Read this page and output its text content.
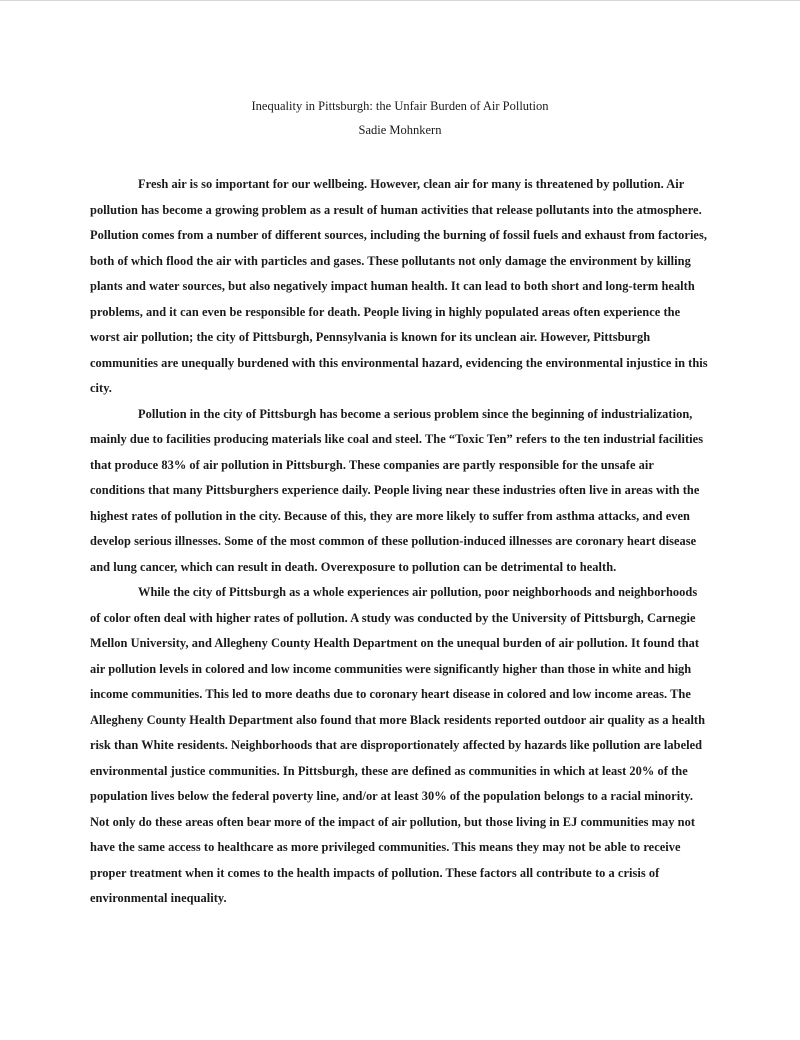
Inequality in Pittsburgh: the Unfair Burden of Air Pollution
Sadie Mohnkern

Fresh air is so important for our wellbeing. However, clean air for many is threatened by pollution. Air pollution has become a growing problem as a result of human activities that release pollutants into the atmosphere. Pollution comes from a number of different sources, including the burning of fossil fuels and exhaust from factories, both of which flood the air with particles and gases. These pollutants not only damage the environment by killing plants and water sources, but also negatively impact human health. It can lead to both short and long-term health problems, and it can even be responsible for death. People living in highly populated areas often experience the worst air pollution; the city of Pittsburgh, Pennsylvania is known for its unclean air. However, Pittsburgh communities are unequally burdened with this environmental hazard, evidencing the environmental injustice in this city.

Pollution in the city of Pittsburgh has become a serious problem since the beginning of industrialization, mainly due to facilities producing materials like coal and steel. The “Toxic Ten” refers to the ten industrial facilities that produce 83% of air pollution in Pittsburgh. These companies are partly responsible for the unsafe air conditions that many Pittsburghers experience daily. People living near these industries often live in areas with the highest rates of pollution in the city. Because of this, they are more likely to suffer from asthma attacks, and even develop serious illnesses. Some of the most common of these pollution-induced illnesses are coronary heart disease and lung cancer, which can result in death. Overexposure to pollution can be detrimental to health.

While the city of Pittsburgh as a whole experiences air pollution, poor neighborhoods and neighborhoods of color often deal with higher rates of pollution. A study was conducted by the University of Pittsburgh, Carnegie Mellon University, and Allegheny County Health Department on the unequal burden of air pollution. It found that air pollution levels in colored and low income communities were significantly higher than those in white and high income communities. This led to more deaths due to coronary heart disease in colored and low income areas. The Allegheny County Health Department also found that more Black residents reported outdoor air quality as a health risk than White residents. Neighborhoods that are disproportionately affected by hazards like pollution are labeled environmental justice communities. In Pittsburgh, these are defined as communities in which at least 20% of the population lives below the federal poverty line, and/or at least 30% of the population belongs to a racial minority. Not only do these areas often bear more of the impact of air pollution, but those living in EJ communities may not have the same access to healthcare as more privileged communities. This means they may not be able to receive proper treatment when it comes to the health impacts of pollution. These factors all contribute to a crisis of environmental inequality.
